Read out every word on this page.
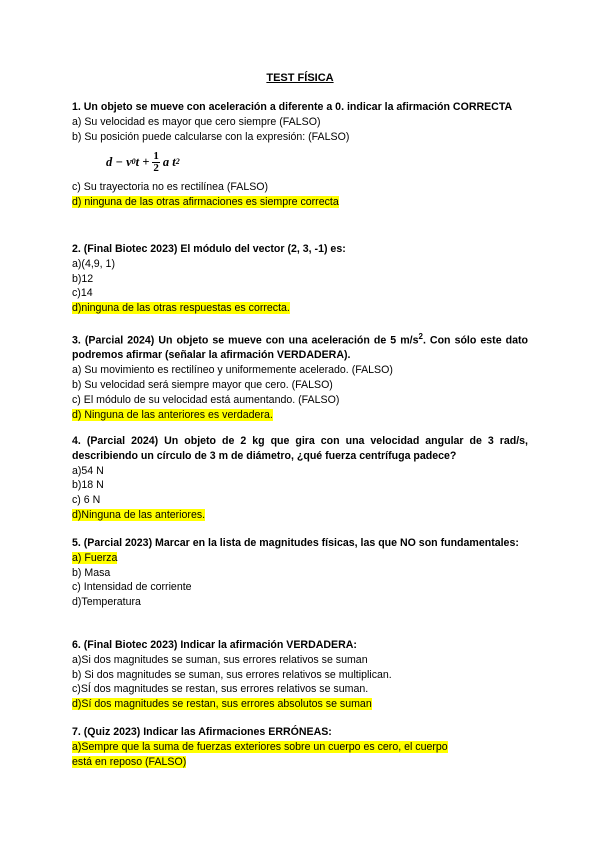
TEST FÍSICA
1. Un objeto se mueve con aceleración a diferente a 0. indicar la afirmación CORRECTA
a) Su velocidad es mayor que cero siempre (FALSO)
b) Su posición puede calcularse con la expresión: (FALSO)
d
− v 0 $t + \frac{1}{2}$ a t 2
c) Su trayectoria no es rectilínea (FALSO)
d) ninguna de las otras afirmaciones es siempre correcta
2. (Final Biotec 2023) El módulo del vector (2, 3, -1) es:
a)(4,9, 1)
b)12
c)14
d)ninguna de las otras respuestas es correcta.
3. (Parcial 2024) Un objeto se mueve con una aceleración de 5 $m/s^2$. Con sólo este dato podremos afirmar (señalar la afirmación VERDADERA).
a) Su movimiento es rectilíneo y uniformemente acelerado. (FALSO)
b) Su velocidad será siempre mayor que cero. (FALSO)
c) El módulo de su velocidad está aumentando. (FALSO)
d) Ninguna de las anteriores es verdadera.
4. (Parcial 2024) Un objeto de 2 kg que gira con una velocidad angular de 3 rad/s, describiendo un círculo de 3 m de diámetro, ¿qué fuerza centrífuga padece?
a)54 N
b)18 N
c) 6 N
d)Ninguna de las anteriores.
5. (Parcial 2023) Marcar en la lista de magnitudes físicas, las que NO son fundamentales:
a) Fuerza
b) Masa
c) Intensidad de corriente
d)Temperatura
6. (Final Biotec 2023) Indicar la afirmación VERDADERA:
a)Si dos magnitudes se suman, sus errores relativos se suman
b) Si dos magnitudes se suman, sus errores relativos se multiplican.
c)SÍ dos magnitudes se restan, sus errores relativos se suman.
d)Sí dos magnitudes se restan, sus errores absolutos se suman
7. (Quiz 2023) Indicar las Afirmaciones ERRÓNEAS:
a)Sempre que la suma de fuerzas exteriores sobre un cuerpo es cero, el cuerpo
está en reposo (FALSO)
